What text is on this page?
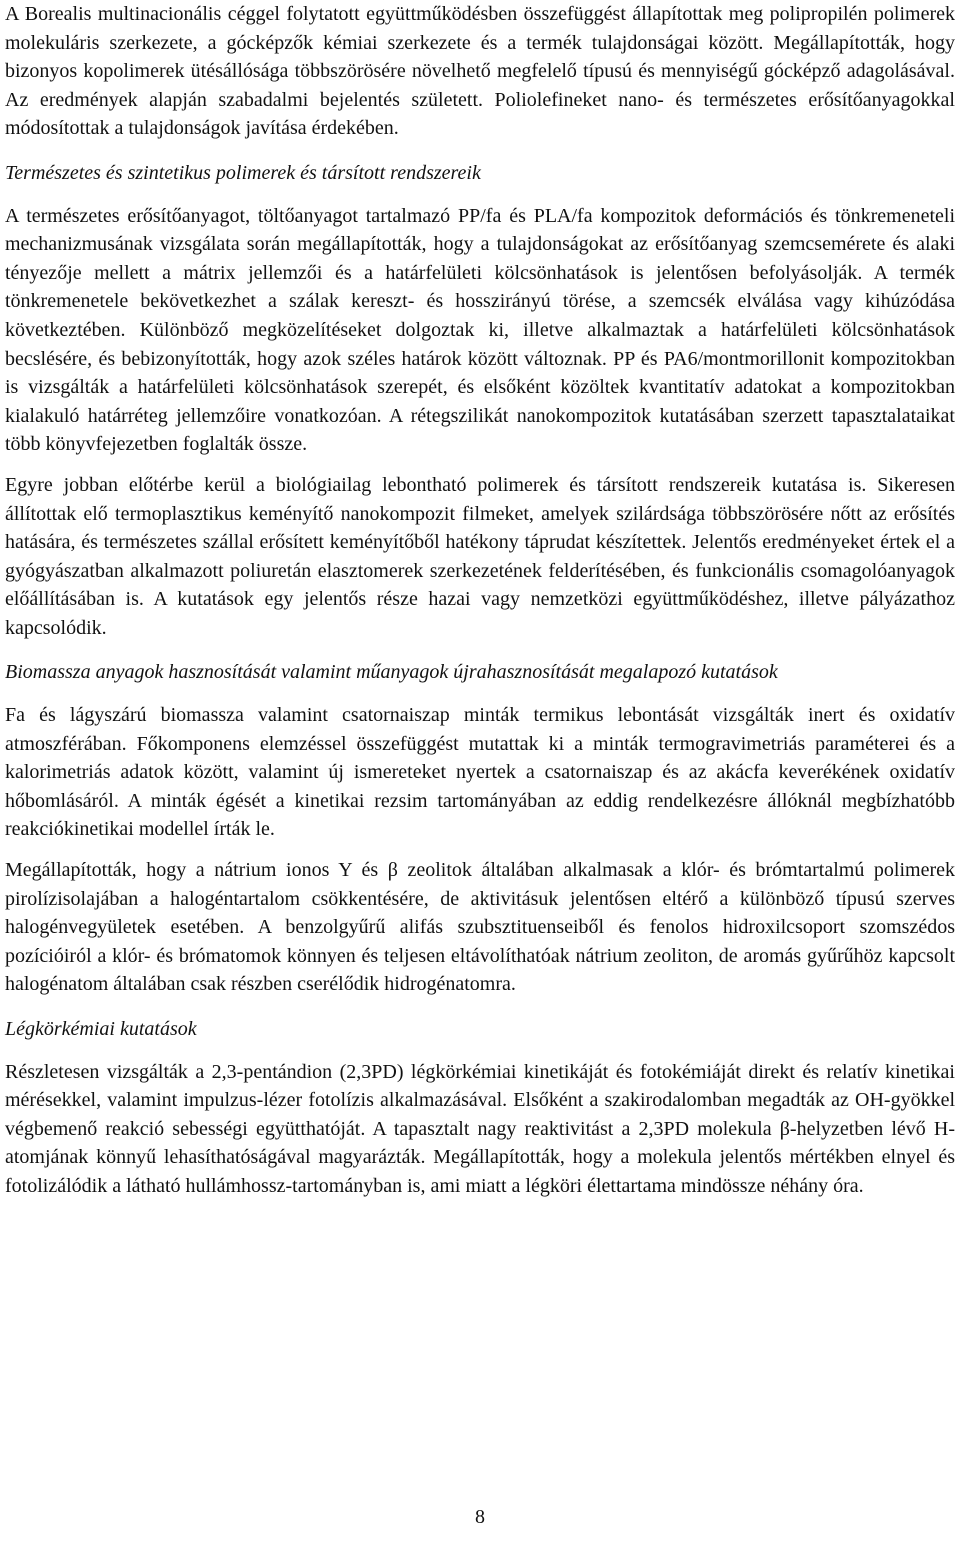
A Borealis multinacionális céggel folytatott együttműködésben összefüggést állapítottak meg polipropilén polimerek molekuláris szerkezete, a gócképzők kémiai szerkezete és a termék tulajdonságai között. Megállapították, hogy bizonyos kopolimerek ütésállósága többszörösére növelhető megfelelő típusú és mennyiségű gócképző adagolásával. Az eredmények alapján szabadalmi bejelentés született. Poliolefineket nano- és természetes erősítőanyagokkal módosítottak a tulajdonságok javítása érdekében.

Természetes és szintetikus polimerek és társított rendszereik

A természetes erősítőanyagot, töltőanyagot tartalmazó PP/fa és PLA/fa kompozitok deformációs és tönkremeneteli mechanizmusának vizsgálata során megállapították, hogy a tulajdonságokat az erősítőanyag szemcsemérete és alaki tényezője mellett a mátrix jellemzői és a határfelületi kölcsönhatások is jelentősen befolyásolják. A termék tönkremenetele bekövetkezhet a szálak kereszt- és hosszirányú törése, a szemcsék elválása vagy kihúzódása következtében. Különböző megközelítéseket dolgoztak ki, illetve alkalmaztak a határfelületi kölcsönhatások becslésére, és bebizonyították, hogy azok széles határok között változnak. PP és PA6/montmorillonit kompozitokban is vizsgálták a határfelületi kölcsönhatások szerepét, és elsőként közöltek kvantitatív adatokat a kompozitokban kialakuló határréteg jellemzőire vonatkozóan. A rétegszilikát nanokompozitok kutatásában szerzett tapasztalataikat több könyvfejezetben foglalták össze.

Egyre jobban előtérbe kerül a biológiailag lebontható polimerek és társított rendszereik kutatása is. Sikeresen állítottak elő termoplasztikus keményítő nanokompozit filmeket, amelyek szilárdsága többszörösére nőtt az erősítés hatására, és természetes szállal erősített keményítőből hatékony táprudat készítettek. Jelentős eredményeket értek el a gyógyászatban alkalmazott poliuretán elasztomerek szerkezetének felderítésében, és funkcionális csomagolóanyagok előállításában is. A kutatások egy jelentős része hazai vagy nemzetközi együttműködéshez, illetve pályázathoz kapcsolódik.

Biomassza anyagok hasznosítását valamint műanyagok újrahasznosítását megalapozó kutatások

Fa és lágyszárú biomassza valamint csatornaiszap minták termikus lebontását vizsgálták inert és oxidatív atmoszférában. Főkomponens elemzéssel összefüggést mutattak ki a minták termogravimetriás paraméterei és a kalorimetriás adatok között, valamint új ismereteket nyertek a csatornaiszap és az akácfa keverékének oxidatív hőbomlásáról. A minták égését a kinetikai rezsim tartományában az eddig rendelkezésre állóknál megbízhatóbb reakciókinetikai modellel írták le.

Megállapították, hogy a nátrium ionos Y és β zeolitok általában alkalmasak a klór- és brómtartalmú polimerek pirolízisolajában a halogéntartalom csökkentésére, de aktivitásuk jelentősen eltérő a különböző típusú szerves halogénvegyületek esetében. A benzolgyűrű alifás szubsztituenseiből és fenolos hidroxilcsoport szomszédos pozícióiról a klór- és brómatomok könnyen és teljesen eltávolíthatóak nátrium zeoliton, de aromás gyűrűhöz kapcsolt halogénatom általában csak részben cserélődik hidrogénatomra.

Légkörkémiai kutatások

Részletesen vizsgálták a 2,3-pentándion (2,3PD) légkörkémiai kinetikáját és fotokémiáját direkt és relatív kinetikai mérésekkel, valamint impulzus-lézer fotolízis alkalmazásával. Elsőként a szakirodalomban megadták az OH-gyökkel végbemenő reakció sebességi együtthatóját. A tapasztalt nagy reaktivitást a 2,3PD molekula β-helyzetben lévő H-atomjának könnyű lehasíthatóságával magyarázták. Megállapították, hogy a molekula jelentős mértékben elnyel és fotolizálódik a látható hullámhossz-tartományban is, ami miatt a légköri élettartama mindössze néhány óra.

8
